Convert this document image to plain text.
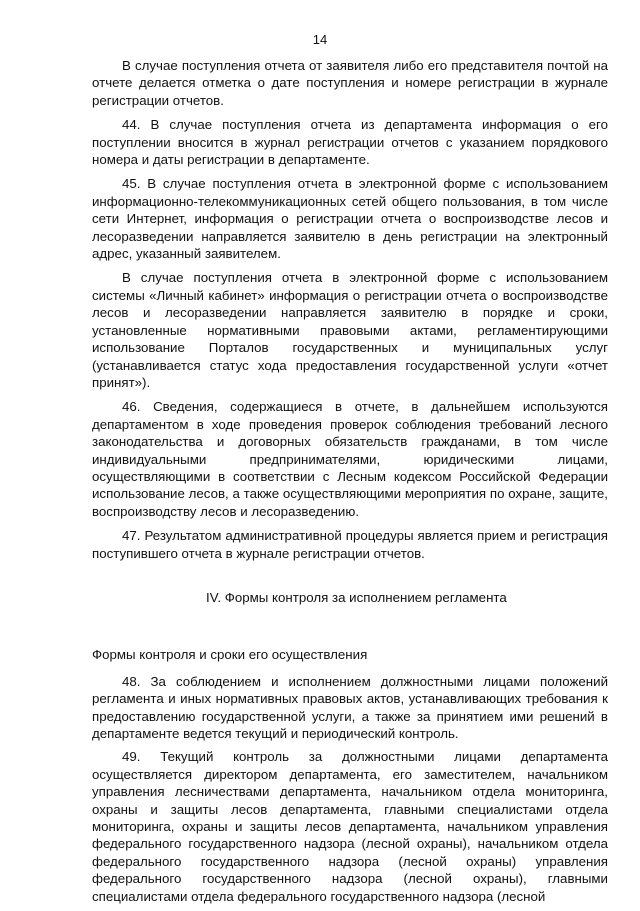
14

В случае поступления отчета от заявителя либо его представителя почтой на отчете делается отметка о дате поступления и номере регистрации в журнале регистрации отчетов.

44. В случае поступления отчета из департамента информация о его поступлении вносится в журнал регистрации отчетов с указанием порядкового номера и даты регистрации в департаменте.

45. В случае поступления отчета в электронной форме с использованием информационно-телекоммуникационных сетей общего пользования, в том числе сети Интернет, информация о регистрации отчета о воспроизводстве лесов и лесоразведении направляется заявителю в день регистрации на электронный адрес, указанный заявителем.

В случае поступления отчета в электронной форме с использованием системы «Личный кабинет» информация о регистрации отчета о воспроизводстве лесов и лесоразведении направляется заявителю в порядке и сроки, установленные нормативными правовыми актами, регламентирующими использование Порталов государственных и муниципальных услуг (устанавливается статус хода предоставления государственной услуги «отчет принят»).

46. Сведения, содержащиеся в отчете, в дальнейшем используются департаментом в ходе проведения проверок соблюдения требований лесного законодательства и договорных обязательств гражданами, в том числе индивидуальными предпринимателями, юридическими лицами, осуществляющими в соответствии с Лесным кодексом Российской Федерации использование лесов, а также осуществляющими мероприятия по охране, защите, воспроизводству лесов и лесоразведению.

47. Результатом административной процедуры является прием и регистрация поступившего отчета в журнале регистрации отчетов.

IV. Формы контроля за исполнением регламента
Формы контроля и сроки его осуществления

48. За соблюдением и исполнением должностными лицами положений регламента и иных нормативных правовых актов, устанавливающих требования к предоставлению государственной услуги, а также за принятием ими решений в департаменте ведется текущий и периодический контроль.

49. Текущий контроль за должностными лицами департамента осуществляется директором департамента, его заместителем, начальником управления лесничествами департамента, начальником отдела мониторинга, охраны и защиты лесов департамента, главными специалистами отдела мониторинга, охраны и защиты лесов департамента, начальником управления федерального государственного надзора (лесной охраны), начальником отдела федерального государственного надзора (лесной охраны) управления федерального государственного надзора (лесной охраны), главными специалистами отдела федерального государственного надзора (лесной
